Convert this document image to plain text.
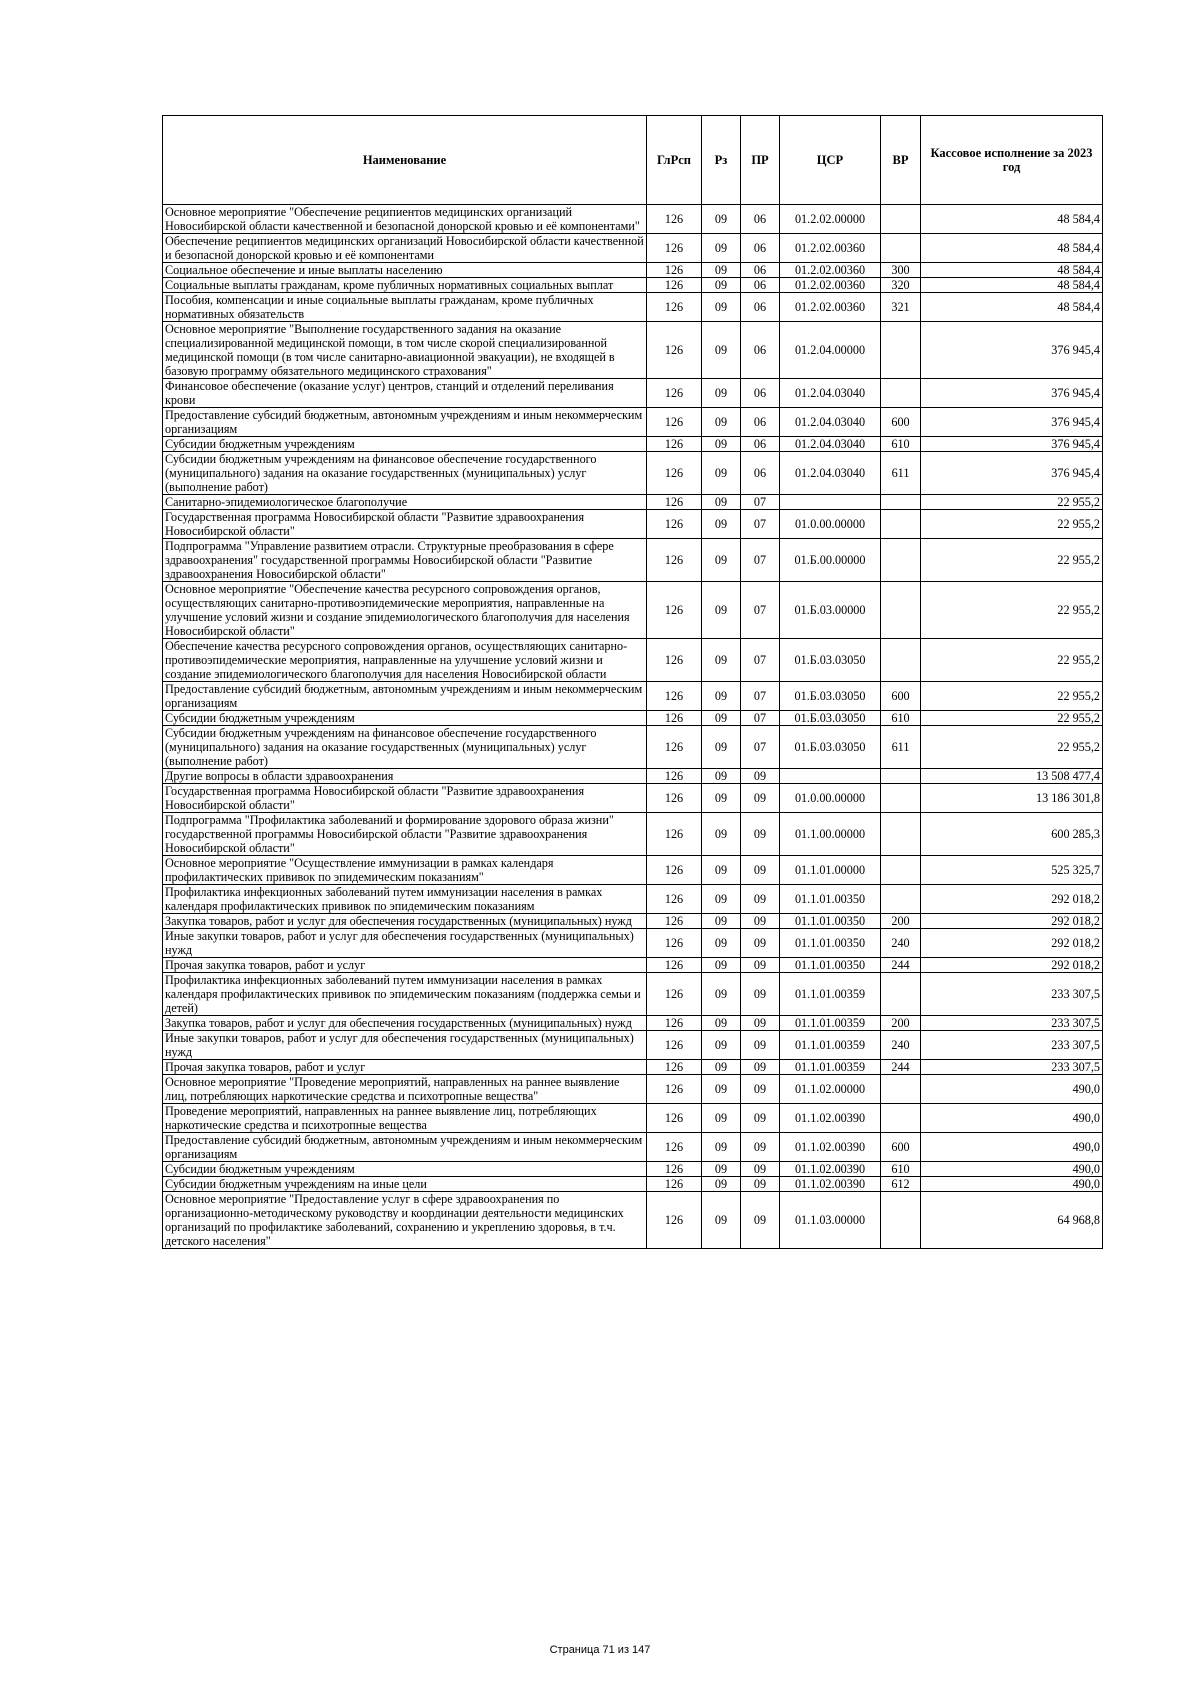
Наименование	ГлРсп	Рз	ПР	ЦСР	ВР	Кассовое исполнение за 2023 год
Основное мероприятие "Обеспечение реципиентов медицинских организаций Новосибирской области качественной и безопасной донорской кровью и её компонентами"	126	09	06	01.2.02.00000		48 584,4
Обеспечение реципиентов медицинских организаций Новосибирской области качественной и безопасной донорской кровью и её компонентами	126	09	06	01.2.02.00360		48 584,4
Социальное обеспечение и иные выплаты населению	126	09	06	01.2.02.00360	300	48 584,4
Социальные выплаты гражданам, кроме публичных нормативных социальных выплат	126	09	06	01.2.02.00360	320	48 584,4
Пособия, компенсации и иные социальные выплаты гражданам, кроме публичных нормативных обязательств	126	09	06	01.2.02.00360	321	48 584,4
Основное мероприятие "Выполнение государственного задания на оказание специализированной медицинской помощи, в том числе скорой специализированной медицинской помощи (в том числе санитарно-авиационной эвакуации), не входящей в базовую программу обязательного медицинского страхования"	126	09	06	01.2.04.00000		376 945,4
Финансовое обеспечение (оказание услуг) центров, станций и отделений переливания крови	126	09	06	01.2.04.03040		376 945,4
Предоставление субсидий бюджетным, автономным учреждениям и иным некоммерческим организациям	126	09	06	01.2.04.03040	600	376 945,4
Субсидии бюджетным учреждениям	126	09	06	01.2.04.03040	610	376 945,4
Субсидии бюджетным учреждениям на финансовое обеспечение государственного (муниципального) задания на оказание государственных (муниципальных) услуг (выполнение работ)	126	09	06	01.2.04.03040	611	376 945,4
Санитарно-эпидемиологическое благополучие	126	09	07			22 955,2
Государственная программа Новосибирской области "Развитие здравоохранения Новосибирской области"	126	09	07	01.0.00.00000		22 955,2
Подпрограмма "Управление развитием отрасли. Структурные преобразования в сфере здравоохранения" государственной программы Новосибирской области "Развитие здравоохранения Новосибирской области"	126	09	07	01.Б.00.00000		22 955,2
Основное мероприятие "Обеспечение качества ресурсного сопровождения органов, осуществляющих санитарно-противоэпидемические мероприятия, направленные на улучшение условий жизни и создание эпидемиологического благополучия для населения Новосибирской области"	126	09	07	01.Б.03.00000		22 955,2
Обеспечение качества ресурсного сопровождения органов, осуществляющих санитарно-противоэпидемические мероприятия, направленные на улучшение условий жизни и создание эпидемиологического благополучия для населения Новосибирской области	126	09	07	01.Б.03.03050		22 955,2
Предоставление субсидий бюджетным, автономным учреждениям и иным некоммерческим организациям	126	09	07	01.Б.03.03050	600	22 955,2
Субсидии бюджетным учреждениям	126	09	07	01.Б.03.03050	610	22 955,2
Субсидии бюджетным учреждениям на финансовое обеспечение государственного (муниципального) задания на оказание государственных (муниципальных) услуг (выполнение работ)	126	09	07	01.Б.03.03050	611	22 955,2
Другие вопросы в области здравоохранения	126	09	09			13 508 477,4
Государственная программа Новосибирской области "Развитие здравоохранения Новосибирской области"	126	09	09	01.0.00.00000		13 186 301,8
Подпрограмма "Профилактика заболеваний и формирование здорового образа жизни" государственной программы Новосибирской области "Развитие здравоохранения Новосибирской области"	126	09	09	01.1.00.00000		600 285,3
Основное мероприятие "Осуществление иммунизации в рамках календаря профилактических прививок по эпидемическим показаниям"	126	09	09	01.1.01.00000		525 325,7
Профилактика инфекционных заболеваний путем иммунизации населения в рамках календаря профилактических прививок по эпидемическим показаниям	126	09	09	01.1.01.00350		292 018,2
Закупка товаров, работ и услуг для обеспечения государственных (муниципальных) нужд	126	09	09	01.1.01.00350	200	292 018,2
Иные закупки товаров, работ и услуг для обеспечения государственных (муниципальных) нужд	126	09	09	01.1.01.00350	240	292 018,2
Прочая закупка товаров, работ и услуг	126	09	09	01.1.01.00350	244	292 018,2
Профилактика инфекционных заболеваний путем иммунизации населения в рамках календаря профилактических прививок по эпидемическим показаниям (поддержка семьи и детей)	126	09	09	01.1.01.00359		233 307,5
Закупка товаров, работ и услуг для обеспечения государственных (муниципальных) нужд	126	09	09	01.1.01.00359	200	233 307,5
Иные закупки товаров, работ и услуг для обеспечения государственных (муниципальных) нужд	126	09	09	01.1.01.00359	240	233 307,5
Прочая закупка товаров, работ и услуг	126	09	09	01.1.01.00359	244	233 307,5
Основное мероприятие "Проведение мероприятий, направленных на раннее выявление лиц, потребляющих наркотические средства и психотропные вещества"	126	09	09	01.1.02.00000		490,0
Проведение мероприятий, направленных на раннее выявление лиц, потребляющих наркотические средства и психотропные вещества	126	09	09	01.1.02.00390		490,0
Предоставление субсидий бюджетным, автономным учреждениям и иным некоммерческим организациям	126	09	09	01.1.02.00390	600	490,0
Субсидии бюджетным учреждениям	126	09	09	01.1.02.00390	610	490,0
Субсидии бюджетным учреждениям на иные цели	126	09	09	01.1.02.00390	612	490,0
Основное мероприятие "Предоставление услуг в сфере здравоохранения по организационно-методическому руководству и координации деятельности медицинских организаций по профилактике заболеваний, сохранению и укреплению здоровья, в т.ч. детского населения"	126	09	09	01.1.03.00000		64 968,8
Страница 71 из 147
